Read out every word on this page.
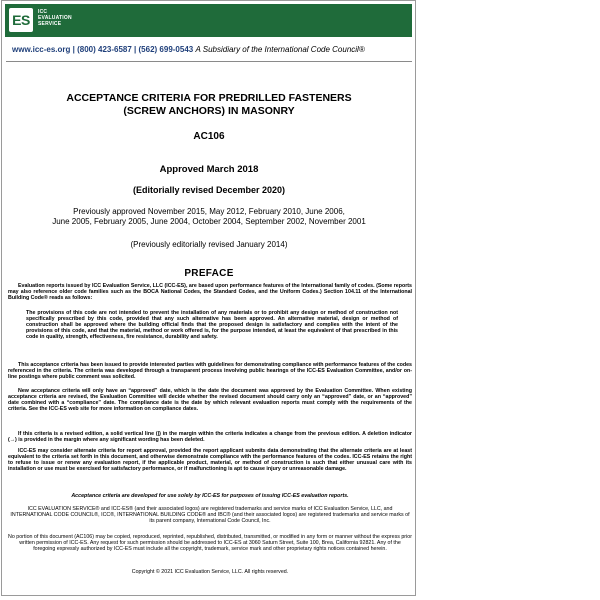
ES	ICC
EVALUATION
SERVICE
www.icc-es.org | (800) 423-6587 | (562) 699-0543 A Subsidiary of the International Code Council®
ACCEPTANCE CRITERIA FOR PREDRILLED FASTENERS
(SCREW ANCHORS) IN MASONRY
AC106
Approved March 2018
(Editorially revised December 2020)
Previously approved November 2015, May 2012, February 2010, June 2006,
June 2005, February 2005, June 2004, October 2004, September 2002, November 2001
(Previously editorially revised January 2014)
PREFACE
Evaluation reports issued by ICC Evaluation Service, LLC (ICC-ES), are based upon performance features of the International family of codes. (Some reports may also reference older code families such as the BOCA National Codes, the Standard Codes, and the Uniform Codes.) Section 104.11 of the International Building Code® reads as follows:
The provisions of this code are not intended to prevent the installation of any materials or to prohibit any design or method of construction not specifically prescribed by this code, provided that any such alternative has been approved. An alternative material, design or method of construction shall be approved where the building official finds that the proposed design is satisfactory and complies with the intent of the provisions of this code, and that the material, method or work offered is, for the purpose intended, at least the equivalent of that prescribed in this code in quality, strength, effectiveness, fire resistance, durability and safety.
This acceptance criteria has been issued to provide interested parties with guidelines for demonstrating compliance with performance features of the codes referenced in the criteria. The criteria was developed through a transparent process involving public hearings of the ICC-ES Evaluation Committee, and/or on-line postings where public comment was solicited.
New acceptance criteria will only have an “approved” date, which is the date the document was approved by the Evaluation Committee. When existing acceptance criteria are revised, the Evaluation Committee will decide whether the revised document should carry only an “approved” date, or an “approved” date combined with a “compliance” date. The compliance date is the date by which relevant evaluation reports must comply with the requirements of the criteria. See the ICC-ES web site for more information on compliance dates.
If this criteria is a revised edition, a solid vertical line (|) in the margin within the criteria indicates a change from the previous edition. A deletion indicator (→) is provided in the margin where any significant wording has been deleted.
ICC-ES may consider alternate criteria for report approval, provided the report applicant submits data demonstrating that the alternate criteria are at least equivalent to the criteria set forth in this document, and otherwise demonstrate compliance with the performance features of the codes. ICC-ES retains the right to refuse to issue or renew any evaluation report, if the applicable product, material, or method of construction is such that either unusual care with its installation or use must be exercised for satisfactory performance, or if malfunctioning is apt to cause injury or unreasonable damage.
Acceptance criteria are developed for use solely by ICC-ES for purposes of issuing ICC-ES evaluation reports.
ICC EVALUATION SERVICE® and ICC-ES® (and their associated logos) are registered trademarks and service marks of ICC Evaluation Service, LLC, and INTERNATIONAL CODE COUNCIL®, ICC®, INTERNATIONAL BUILDING CODE® and IBC® (and their associated logos) are registered trademarks and service marks of its parent company, International Code Council, Inc.
No portion of this document (AC106) may be copied, reproduced, reprinted, republished, distributed, transmitted, or modified in any form or manner without the express prior written permission of ICC-ES. Any request for such permission should be addressed to ICC-ES at 3060 Saturn Street, Suite 100, Brea, California 92821. Any of the foregoing expressly authorized by ICC-ES must include all the copyright, trademark, service mark and other proprietary rights notices contained herein.
Copyright © 2021 ICC Evaluation Service, LLC. All rights reserved.
